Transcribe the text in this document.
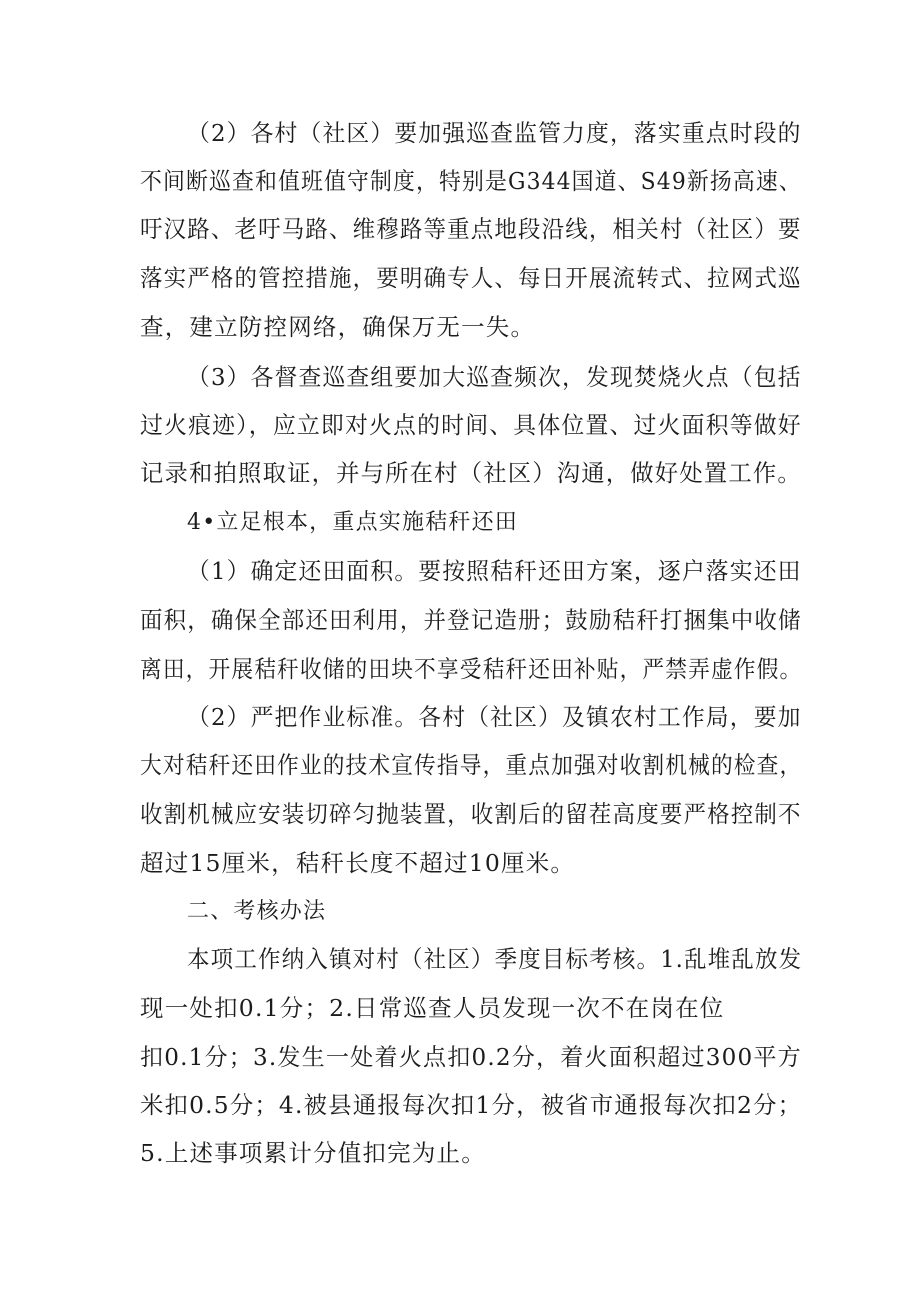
（2）各村（社区）要加强巡查监管力度，落实重点时段的
不间断巡查和值班值守制度，特别是G344国道、S49新扬高速、
吁汉路、老吁马路、维穆路等重点地段沿线，相关村（社区）要
落实严格的管控措施，要明确专人、每日开展流转式、拉网式巡
查，建立防控网络，确保万无一失。
（3）各督查巡查组要加大巡查频次，发现焚烧火点（包括
过火痕迹），应立即对火点的时间、具体位置、过火面积等做好
记录和拍照取证，并与所在村（社区）沟通，做好处置工作。
4•立足根本，重点实施秸秆还田
（1）确定还田面积。要按照秸秆还田方案，逐户落实还田
面积，确保全部还田利用，并登记造册；鼓励秸秆打捆集中收储
离田，开展秸秆收储的田块不享受秸秆还田补贴，严禁弄虚作假。
（2）严把作业标准。各村（社区）及镇农村工作局，要加
大对秸秆还田作业的技术宣传指导，重点加强对收割机械的检查，
收割机械应安装切碎匀抛装置，收割后的留茬高度要严格控制不
超过15厘米，秸秆长度不超过10厘米。
二、考核办法
本项工作纳入镇对村（社区）季度目标考核。1.乱堆乱放发
现一处扣0.1分；2.日常巡查人员发现一次不在岗在位
扣0.1分；3.发生一处着火点扣0.2分，着火面积超过300平方
米扣0.5分；4.被县通报每次扣1分，被省市通报每次扣2分；
5.上述事项累计分值扣完为止。
